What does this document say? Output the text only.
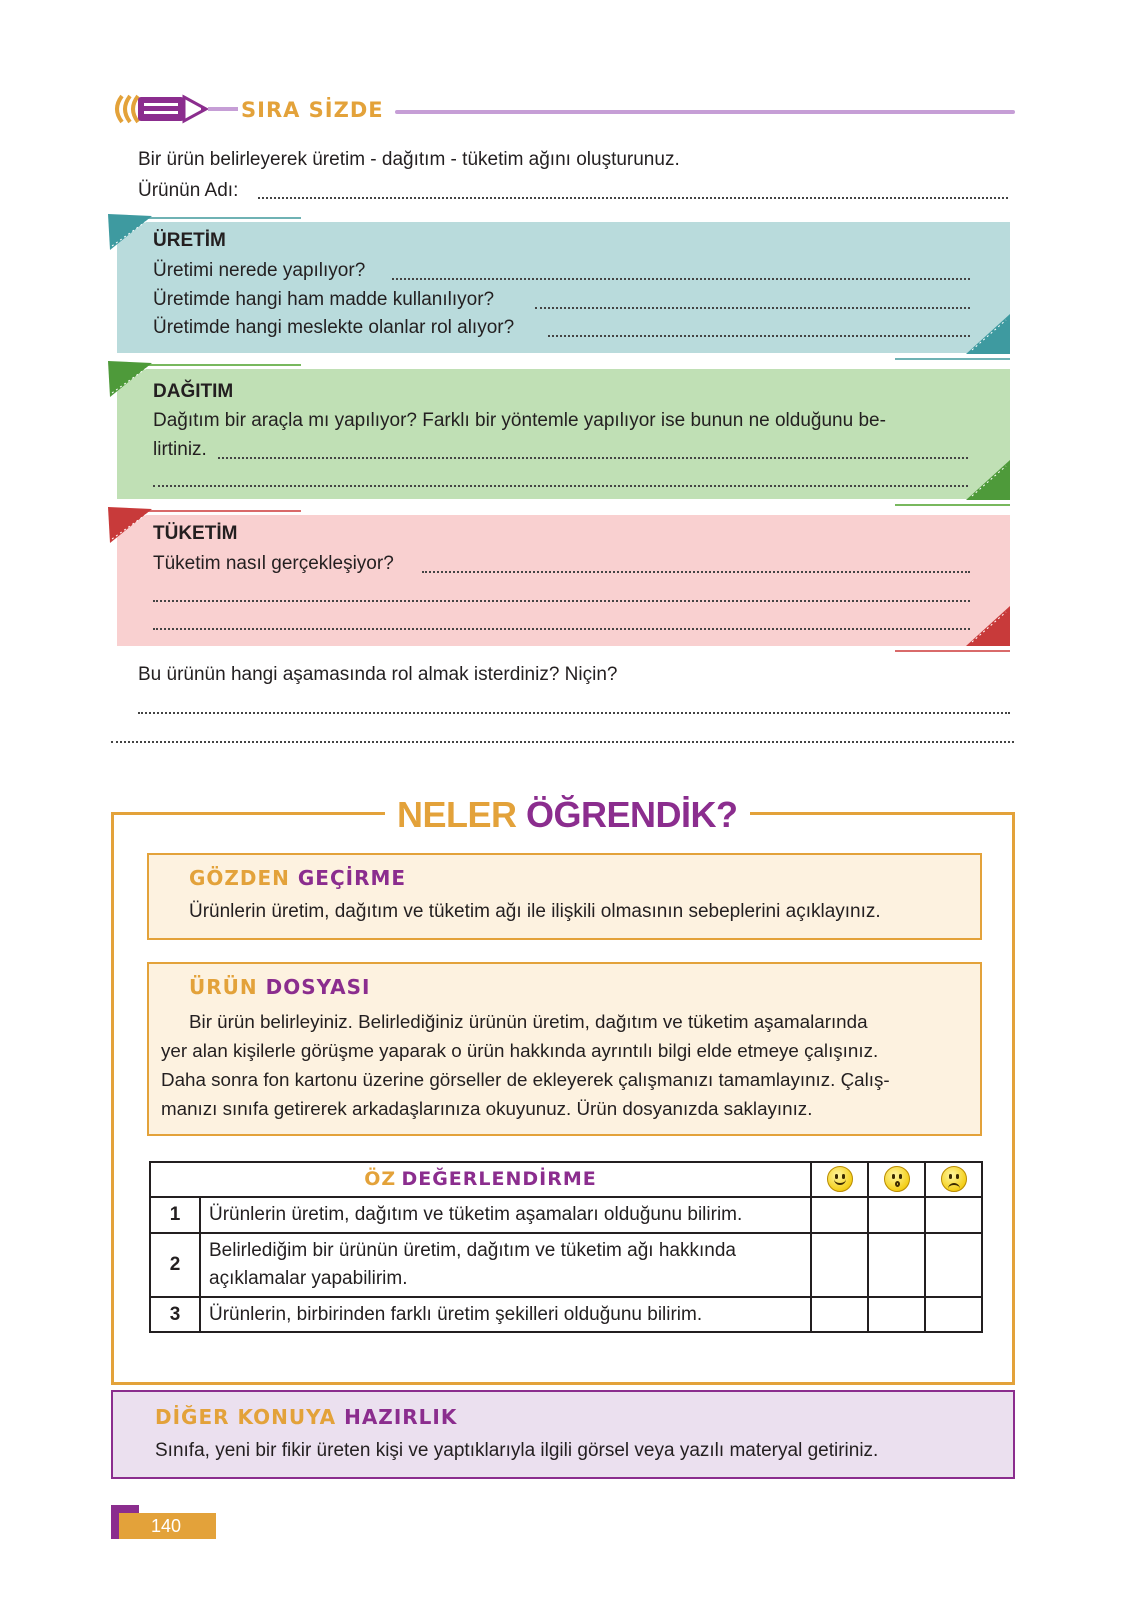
SIRA SİZDE
Bir ürün belirleyerek üretim - dağıtım - tüketim ağını oluşturunuz.
Ürünün Adı:
ÜRETİM
Üretimi nerede yapılıyor?
Üretimde hangi ham madde kullanılıyor?
Üretimde hangi meslekte olanlar rol alıyor?
DAĞITIM
Dağıtım bir araçla mı yapılıyor? Farklı bir yöntemle yapılıyor ise bunun ne olduğunu be-
lirtiniz.
TÜKETİM
Tüketim nasıl gerçekleşiyor?
Bu ürünün hangi aşamasında rol almak isterdiniz? Niçin?
NELER ÖĞRENDİK?
GÖZDEN GEÇİRME
Ürünlerin üretim, dağıtım ve tüketim ağı ile ilişkili olmasının sebeplerini açıklayınız.
ÜRÜN DOSYASI
Bir ürün belirleyiniz. Belirlediğiniz ürünün üretim, dağıtım ve tüketim aşamalarında
yer alan kişilerle görüşme yaparak o ürün hakkında ayrıntılı bilgi elde etmeye çalışınız.
Daha sonra fon kartonu üzerine görseller de ekleyerek çalışmanızı tamamlayınız. Çalış-
manızı sınıfa getirerek arkadaşlarınıza okuyunuz. Ürün dosyanızda saklayınız.
ÖZ DEĞERLENDİRME		

1	Ürünlerin üretim, dağıtım ve tüketim aşamaları olduğunu bilirim.			
2	Belirlediğim bir ürünün üretim, dağıtım ve tüketim ağı hakkında
açıklamalar yapabilirim.			

3	Ürünlerin, birbirinden farklı üretim şekilleri olduğunu bilirim.			
DİĞER KONUYA HAZIRLIK
Sınıfa, yeni bir fikir üreten kişi ve yaptıklarıyla ilgili görsel veya yazılı materyal getiriniz.
140
